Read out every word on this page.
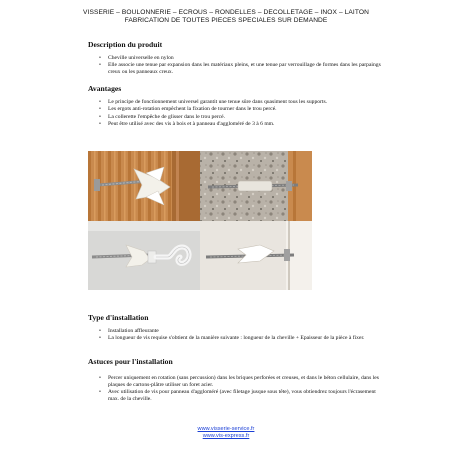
VISSERIE – BOULONNERIE – ECROUS – RONDELLES – DECOLLETAGE – INOX – LAITON
FABRICATION DE TOUTES PIECES SPECIALES SUR DEMANDE
Description du produit
• Cheville universelle en nylon
• Elle associe une tenue par expansion dans les matériaux pleins, et une tenue par verrouillage de formes dans les parpaings creux ou les panneaux creux.
Avantages
• Le principe de fonctionnement universel garantit une tenue sûre dans quasiment tous les supports.
• Les ergots anti-rotation empêchent la fixation de tourner dans le trou percé.
• La collerette l'empêche de glisser dans le trou percé.
• Peut être utilisé avec des vis à bois et à panneau d'aggloméré de 3 à 6 mm.
Type d'installation
• Installation affleurante
• La longueur de vis requise s'obtient de la manière suivante : longueur de la cheville + Epaisseur de la pièce à fixer.
Astuces pour l'installation
• Percer uniquement en rotation (sans percussion) dans les briques perforées et creuses, et dans le béton cellulaire, dans les plaques de cartons-plâtre utiliser un foret acier.
• Avec utilisation de vis pour panneau d'aggloméré (avec filetage jusque sous tête), vous obtiendrez toujours l'écrasement max. de la cheville.
www.visserie-service.fr
www.vis-express.fr
